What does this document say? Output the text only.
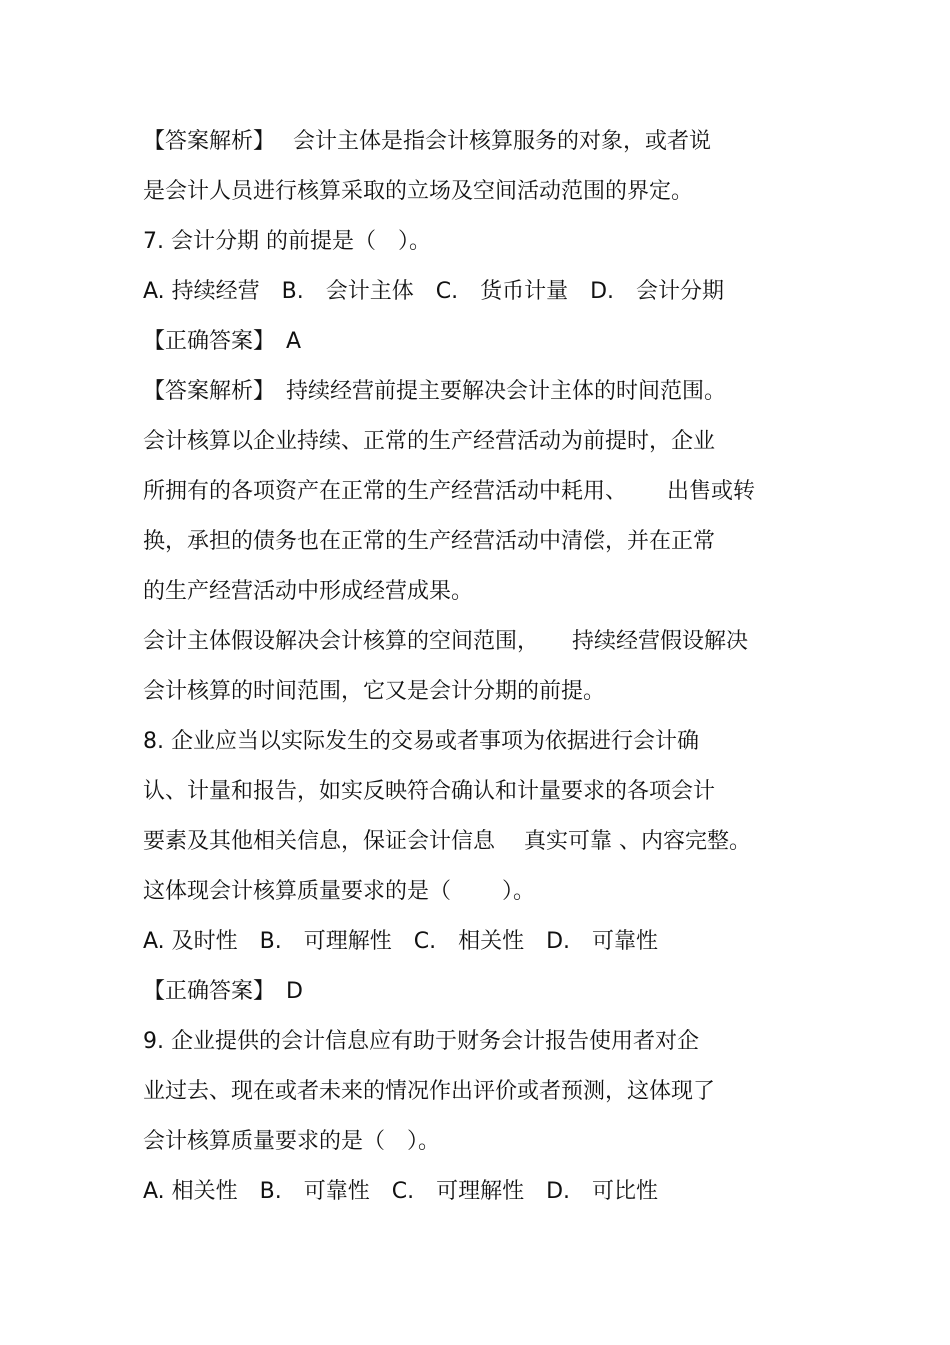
【答案解析】　 会计主体是指会计核算服务的对象，或者说
是会计人员进行核算采取的立场及空间活动范围的界定。
7. 会计分期 的前提是（　）。
A. 持续经营　B.　会计主体　C.　货币计量　D.　会计分期
【正确答案】　A
【答案解析】　持续经营前提主要解决会计主体的时间范围。
会计核算以企业持续、正常的生产经营活动为前提时，企业
所拥有的各项资产在正常的生产经营活动中耗用、　　 出售或转
换，承担的债务也在正常的生产经营活动中清偿，并在正常
的生产经营活动中形成经营成果。
会计主体假设解决会计核算的空间范围，　　持续经营假设解决
会计核算的时间范围，它又是会计分期的前提。
8. 企业应当以实际发生的交易或者事项为依据进行会计确
认、计量和报告，如实反映符合确认和计量要求的各项会计
要素及其他相关信息，保证会计信息　 真实可靠 、内容完整。
这体现会计核算质量要求的是（　　 ）。
A. 及时性　B.　可理解性　C.　相关性　D.　可靠性
【正确答案】　D
9. 企业提供的会计信息应有助于财务会计报告使用者对企
业过去、现在或者未来的情况作出评价或者预测，这体现了
会计核算质量要求的是（　）。
A. 相关性　B.　可靠性　C.　可理解性　D.　可比性
